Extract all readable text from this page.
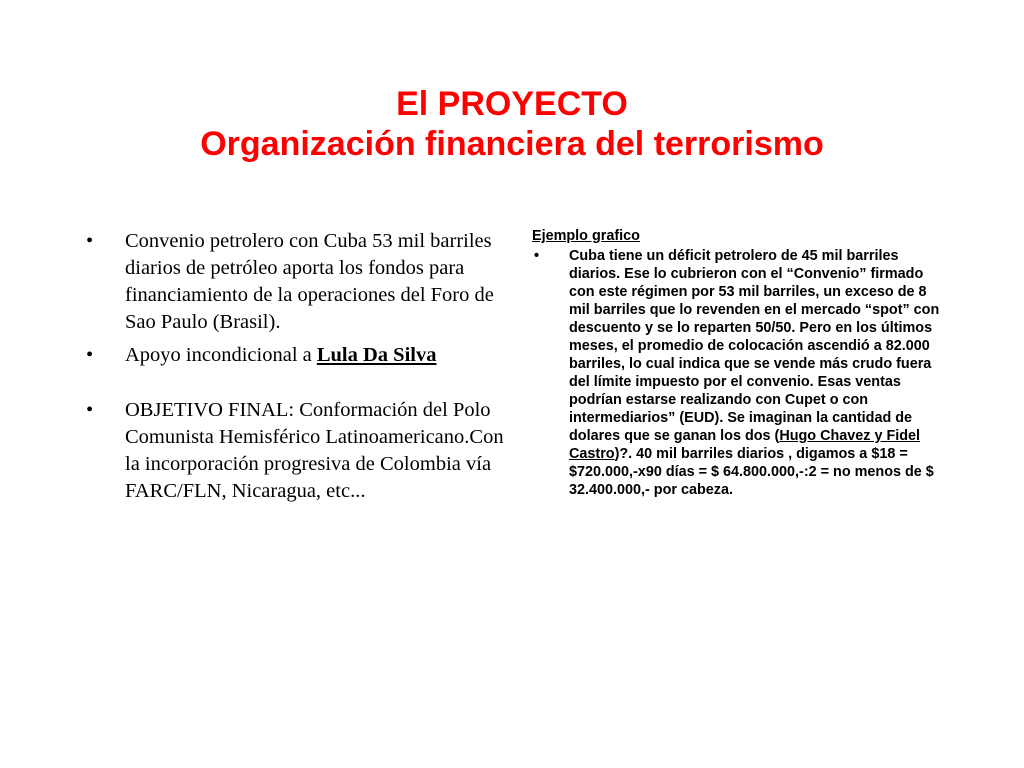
El PROYECTO
Organización financiera del terrorismo
• Convenio petrolero con Cuba 53 mil barriles diarios de petróleo aporta los fondos para financiamiento de la operaciones del Foro de Sao Paulo (Brasil).
• Apoyo incondicional a Lula Da Silva
• OBJETIVO FINAL: Conformación del Polo Comunista Hemisférico Latinoamericano.Con la incorporación progresiva de Colombia vía FARC/FLN, Nicaragua, etc...
Ejemplo grafico
• Cuba tiene un déficit petrolero de 45 mil barriles diarios. Ese lo cubrieron con el “Convenio” firmado con este régimen por 53 mil barriles, un exceso de 8 mil barriles que lo revenden en el mercado “spot” con descuento y se lo reparten 50/50. Pero en los últimos meses, el promedio de colocación ascendió a 82.000 barriles, lo cual indica que se vende más crudo fuera del límite impuesto por el convenio. Esas ventas podrían estarse realizando con Cupet o con intermediarios” (EUD). Se imaginan la cantidad de dolares que se ganan los dos (Hugo Chavez y Fidel Castro)?. 40 mil barriles diarios , digamos a $18 = $720.000,-x90 días = $ 64.800.000,-:2 = no menos de $ 32.400.000,- por cabeza.
